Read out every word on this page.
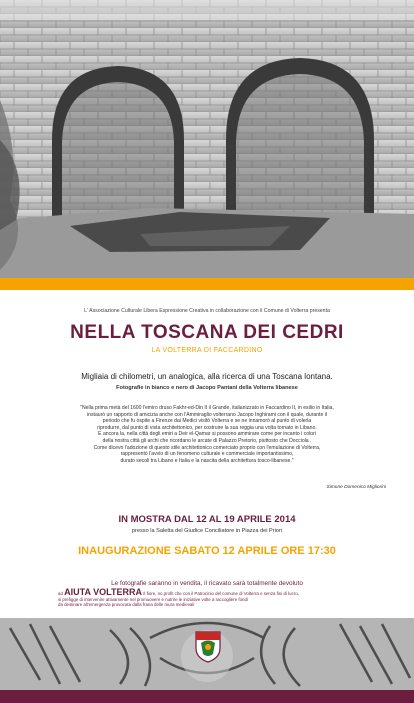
L' Associazione Culturale Libera Espressione Creativa in collaborazione con il Comune di Volterra presenta
NELLA TOSCANA DEI CEDRI
LA VOLTERRA DI FACCARDINO
Migliaia di chilometri, un analogica, alla ricerca di una Toscana lontana.
Fotografie in bianco e nero di Jacopo Pantani della Volterra libanese
"Nella prima metà del 1600 l'emiro druso Fakhr-ed-Din II il Grande, italianizzato in Faccardino II, in esilio in Italia,
instaurò un rapporto di amicizia anche con l'Ammiraglio volterrano Jacopo Inghirami con il quale, durante il
periodo che fu ospite a Firenze dai Medici visitò Volterra e se ne innamorò al punto di volerla
riprodurre, dal punto di vista architettonico, per costruire la sua reggia una volta tornato in Libano.
E ancora la, nella città degli emiri a Deir el-Qamar si possono ammirare come per incanto i colori
della nostra città gli archi che ricordano le arcate di Palazzo Pretorio, piuttosto che Docciola .
Come dicevo l'adozione di questo stile architettonico comerciato proprio con l'emulazione di Volterra,
rappresentò l'avvio di un fenomeno culturale e commerciale importantissimo,
durato secoli tra Libano e Italia e la nascita della architettura tosco-libanese."
Simone Domenico Migliorini
IN MOSTRA DAL 12 AL 19 APRILE 2014
presso la Saletta del Giudice Conciliatore in Piazza dei Priori
INAUGURAZIONE SABATO 12 APRILE ORE 17:30
Le fotografie saranno in vendita, il ricavato sarà totalmente devoluto
ad AIUTA VOLTERRA Il fiore, no profit che con il Patrocinio del comune di Volterra e senza fini di lucro,
si prefigge di intervenire attivamente nel promuovere e nutrire le iniziative volte a raccogliere fondi
da destinare all'emergenza provocata dalla frana delle mura medievali
